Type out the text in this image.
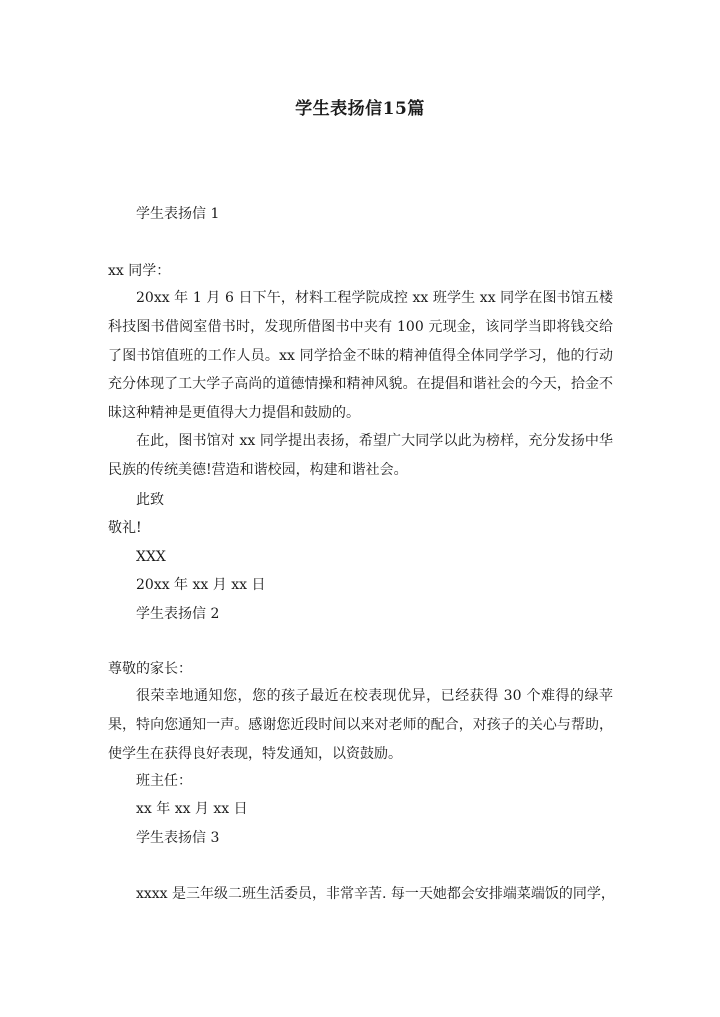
学生表扬信15篇
学生表扬信 1
xx 同学：
20xx 年 1 月 6 日下午，材料工程学院成控 xx 班学生 xx 同学在图书馆五楼科技图书借阅室借书时，发现所借图书中夹有 100 元现金，该同学当即将钱交给了图书馆值班的工作人员。xx 同学拾金不昧的精神值得全体同学学习，他的行动充分体现了工大学子高尚的道德情操和精神风貌。在提倡和谐社会的今天，拾金不昧这种精神是更值得大力提倡和鼓励的。
在此，图书馆对 xx 同学提出表扬，希望广大同学以此为榜样，充分发扬中华民族的传统美德!营造和谐校园，构建和谐社会。
此致
敬礼!
XXX
20xx 年 xx 月 xx 日
学生表扬信 2
尊敬的家长：
很荣幸地通知您，您的孩子最近在校表现优异，已经获得 30 个难得的绿苹果，特向您通知一声。感谢您近段时间以来对老师的配合，对孩子的关心与帮助，使学生在获得良好表现，特发通知，以资鼓励。
班主任：
xx 年 xx 月 xx 日
学生表扬信 3
xxxx 是三年级二班生活委员，非常辛苦. 每一天她都会安排端菜端饭的同学，
